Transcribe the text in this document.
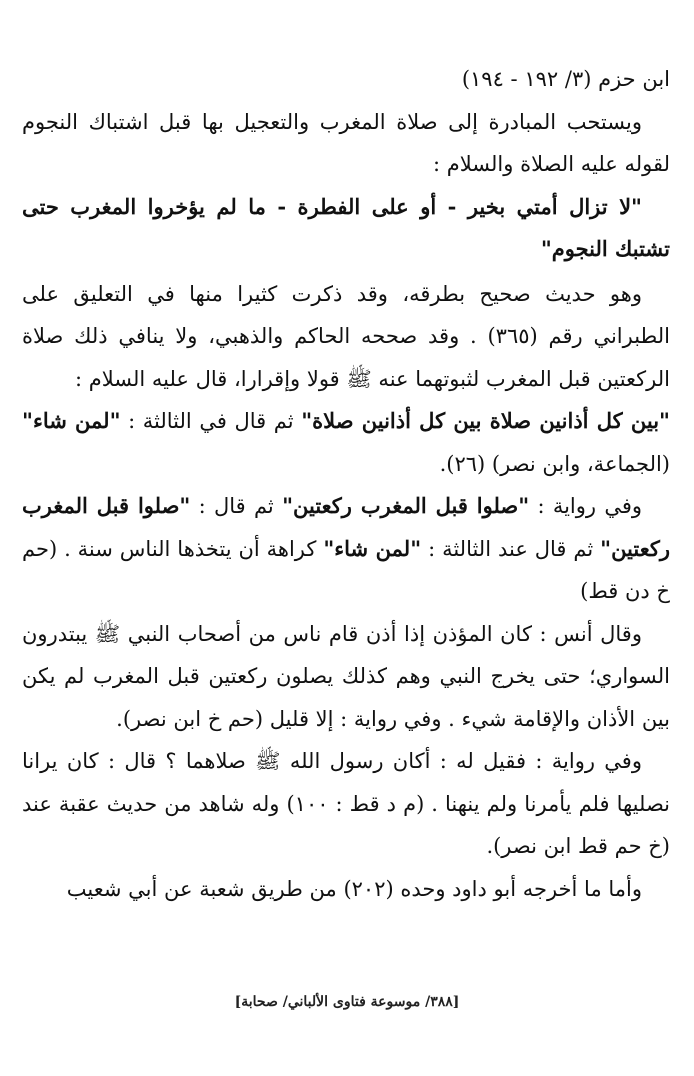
ابن حزم (٣/ ١٩٢ - ١٩٤)

ويستحب المبادرة إلى صلاة المغرب والتعجيل بها قبل اشتباك النجوم لقوله عليه الصلاة والسلام :

"لا تزال أمتي بخير - أو على الفطرة - ما لم يؤخروا المغرب حتى تشتبك النجوم"

وهو حديث صحيح بطرقه، وقد ذكرت كثيرا منها في التعليق على الطبراني رقم (٣٦٥) . وقد صححه الحاكم والذهبي، ولا ينافي ذلك صلاة الركعتين قبل المغرب لثبوتهما عنه ﷺ قولا وإقرارا، قال عليه السلام :

"بين كل أذانين صلاة بين كل أذانين صلاة" ثم قال في الثالثة : "لمن شاء" (الجماعة، وابن نصر) (٢٦).

وفي رواية : "صلوا قبل المغرب ركعتين" ثم قال : "صلوا قبل المغرب ركعتين" ثم قال عند الثالثة : "لمن شاء" كراهة أن يتخذها الناس سنة . (حم خ دن قط)

وقال أنس : كان المؤذن إذا أذن قام ناس من أصحاب النبي ﷺ يبتدرون السواري؛ حتى يخرج النبي وهم كذلك يصلون ركعتين قبل المغرب لم يكن بين الأذان والإقامة شيء . وفي رواية : إلا قليل (حم خ ابن نصر).

وفي رواية : فقيل له : أكان رسول الله ﷺ صلاهما ؟ قال : كان يرانا نصليها فلم يأمرنا ولم ينهنا . (م د قط : ١٠٠) وله شاهد من حديث عقبة عند (خ حم قط ابن نصر).

وأما ما أخرجه أبو داود وحده (٢٠٢) من طريق شعبة عن أبي شعيب

[٣٨٨/ موسوعة فتاوى الألباني/ صحابة]
